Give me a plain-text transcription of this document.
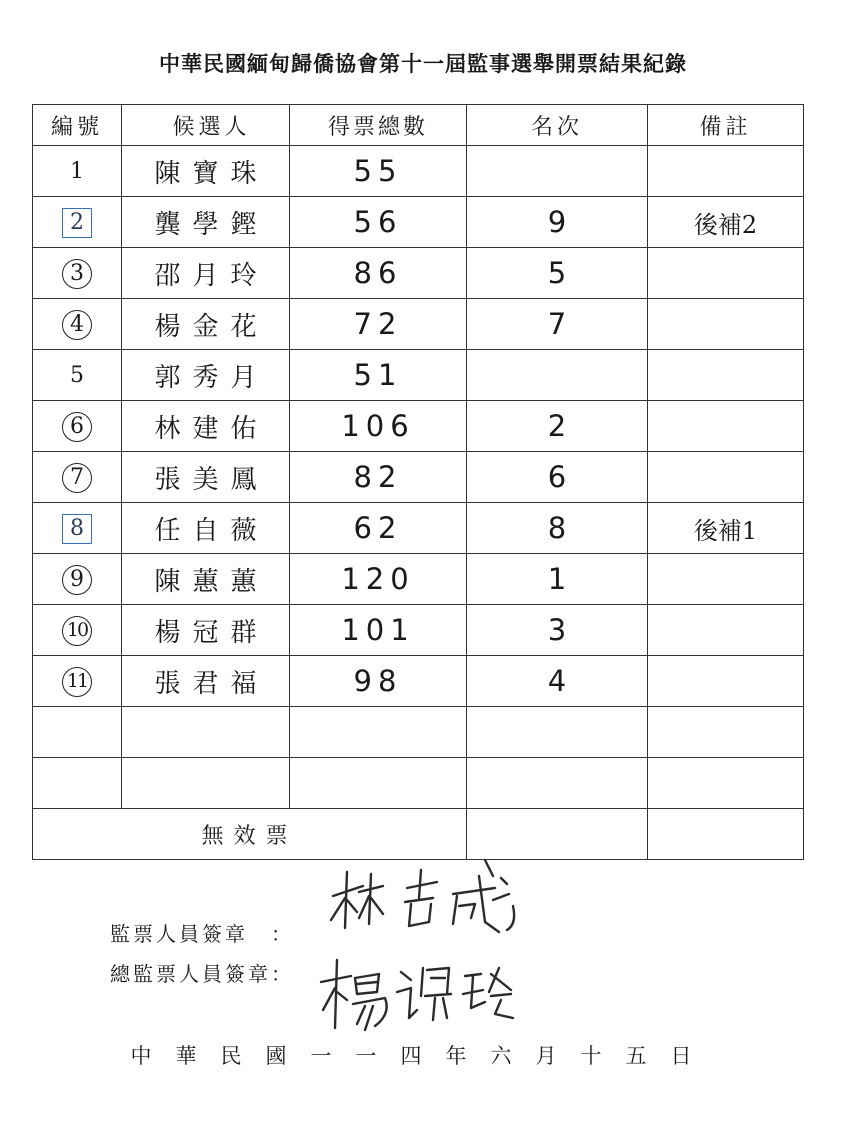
中華民國緬甸歸僑協會第十一屆監事選舉開票結果紀錄
編號	候選人	得票總數	名次	備註
1	陳寶珠	55		
2	龔學鏗	56	9	後補2
3	邵月玲	86	5	
4	楊金花	72	7	
5	郭秀月	51		
6	林建佑	106	2	
7	張美鳳	82	6	
8	任自薇	62	8	後補1
9	陳蕙蕙	120	1	
10	楊冠群	101	3	
11	張君福	98	4	

無效票				
監票人員簽章　：
總監票人員簽章：
中華民國一一四年六月十五日
